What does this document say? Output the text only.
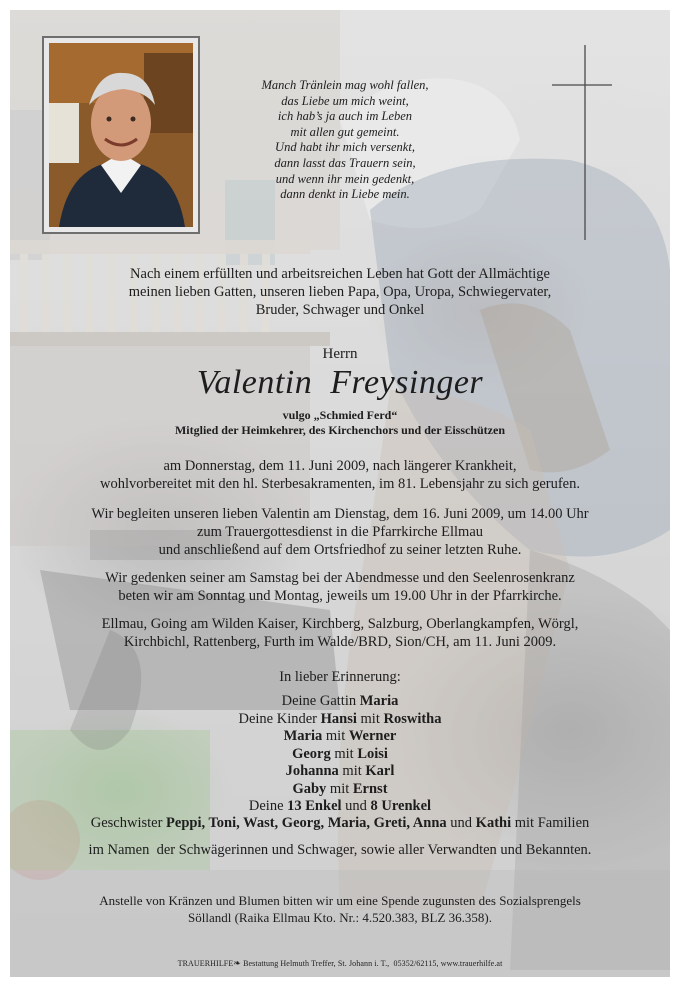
Manch Tränlein mag wohl fallen,
das Liebe um mich weint,
ich hab’s ja auch im Leben
mit allen gut gemeint.
Und habt ihr mich versenkt,
dann lasst das Trauern sein,
und wenn ihr mein gedenkt,
dann denkt in Liebe mein.
Nach einem erfüllten und arbeitsreichen Leben hat Gott der Allmächtige
meinen lieben Gatten, unseren lieben Papa, Opa, Uropa, Schwiegervater,
Bruder, Schwager und Onkel
Herrn
Valentin  Freysinger
vulgo „Schmied Ferd“
Mitglied der Heimkehrer, des Kirchenchors und der Eisschützen
am Donnerstag, dem 11. Juni 2009, nach längerer Krankheit,
wohlvorbereitet mit den hl. Sterbesakramenten, im 81. Lebensjahr zu sich gerufen.
Wir begleiten unseren lieben Valentin am Dienstag, dem 16. Juni 2009, um 14.00 Uhr
zum Trauergottesdienst in die Pfarrkirche Ellmau
und anschließend auf dem Ortsfriedhof zu seiner letzten Ruhe.
Wir gedenken seiner am Samstag bei der Abendmesse und den Seelenrosenkranz
beten wir am Sonntag und Montag, jeweils um 19.00 Uhr in der Pfarrkirche.
Ellmau, Going am Wilden Kaiser, Kirchberg, Salzburg, Oberlangkampfen, Wörgl,
Kirchbichl, Rattenberg, Furth im Walde/BRD, Sion/CH, am 11. Juni 2009.
In lieber Erinnerung:
Deine Gattin Maria
Deine Kinder Hansi mit Roswitha
Maria mit Werner
Georg mit Loisi
Johanna mit Karl
Gaby mit Ernst
Deine 13 Enkel und 8 Urenkel
Geschwister Peppi, Toni, Wast, Georg, Maria, Greti, Anna und Kathi mit Familien
im Namen  der Schwägerinnen und Schwager, sowie aller Verwandten und Bekannten.
Anstelle von Kränzen und Blumen bitten wir um eine Spende zugunsten des Sozialsprengels
Söllandl (Raika Ellmau Kto. Nr.: 4.520.383, BLZ 36.358).
TRAUERHILFE❧ Bestattung Helmuth Treffer, St. Johann i. T.,  05352/62115, www.trauerhilfe.at
